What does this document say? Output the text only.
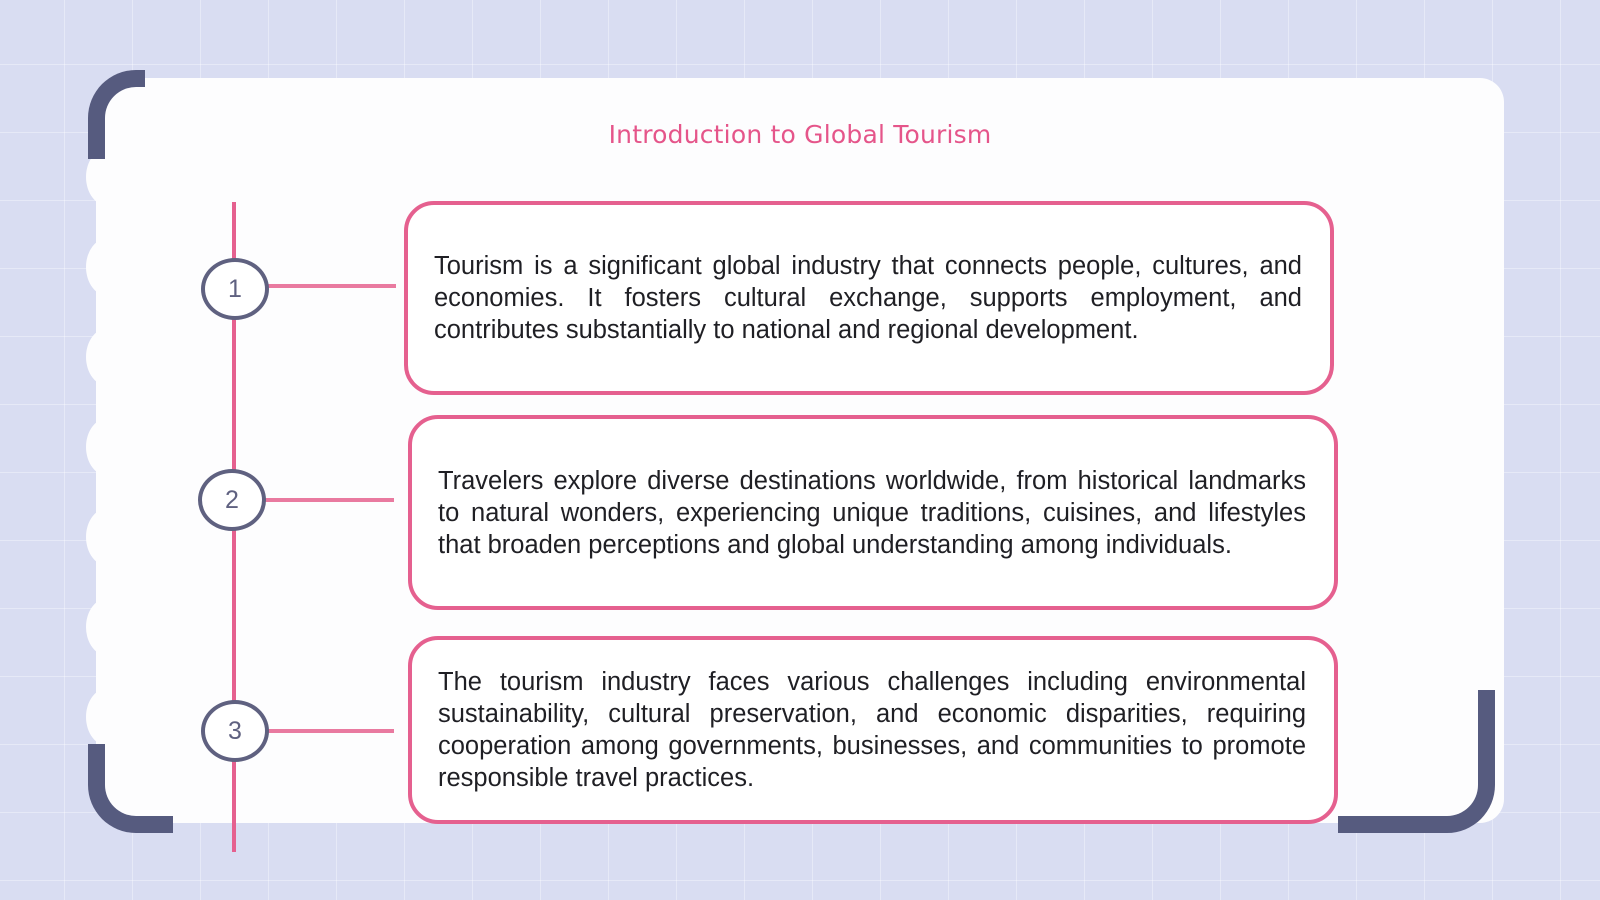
Introduction to Global Tourism
1

Tourism is a significant global industry that connects people, cultures, and economies. It fosters cultural exchange, supports employment, and contributes substantially to national and regional development.

2

Travelers explore diverse destinations worldwide, from historical landmarks to natural wonders, experiencing unique traditions, cuisines, and lifestyles that broaden perceptions and global understanding among individuals.

3

The tourism industry faces various challenges including environmental sustainability, cultural preservation, and economic disparities, requiring cooperation among governments, businesses, and communities to promote responsible travel practices.
